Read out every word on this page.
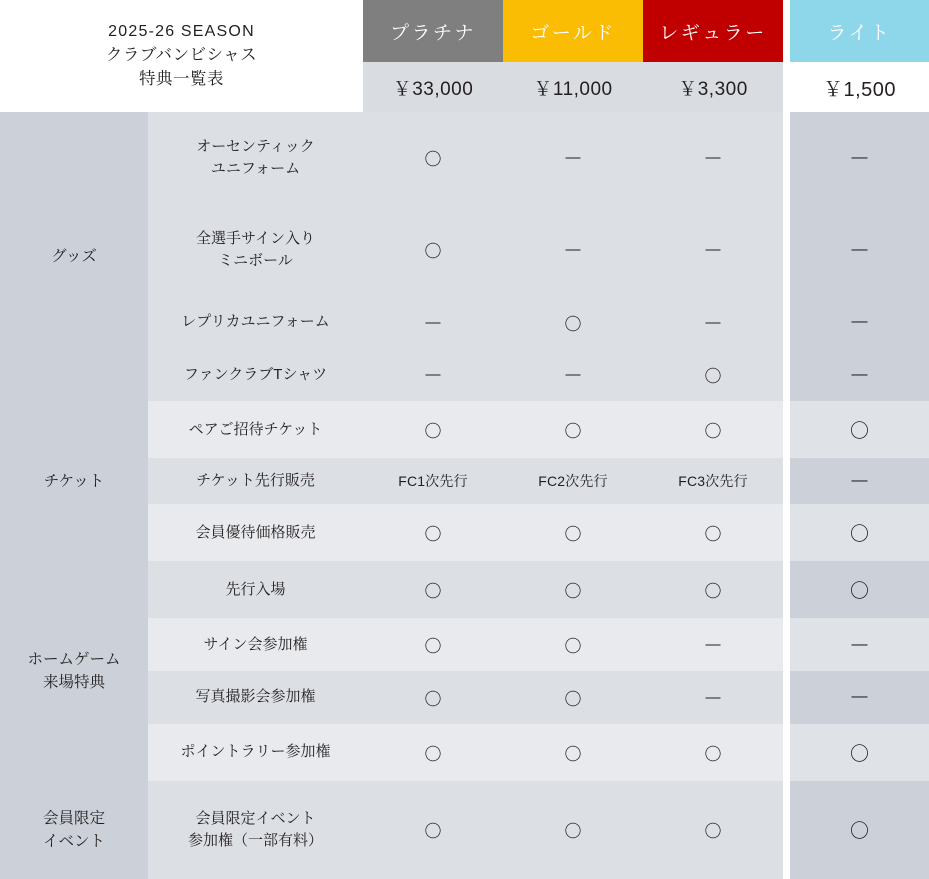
2025-26 SEASON
クラブバンビシャス
特典一覧表		プラチナ	ゴールド	レギュラー		ライト
		￥33,000	￥11,000	￥3,300		￥1,500
グッズ	オーセンティック
ユニフォーム	〇	—	—		—

	全選手サイン入り
ミニボール	〇	—	—		—

	レプリカユニフォーム	—	〇	—		—

	ファンクラブTシャツ	—	—	〇		—
チケット	ペアご招待チケット	〇	〇	〇		〇

	チケット先行販売	FC1次先行	FC2次先行	FC3次先行		—

	会員優待価格販売	〇	〇	〇		〇

ホームゲーム
来場特典	先行入場	〇	〇	〇		〇

	サイン会参加権	〇	〇	—		—

	写真撮影会参加権	〇	〇	—		—

	ポイントラリー参加権	〇	〇	〇		〇

会員限定
イベント

会員限定イベント
参加権（一部有料）	〇	〇	〇		〇
